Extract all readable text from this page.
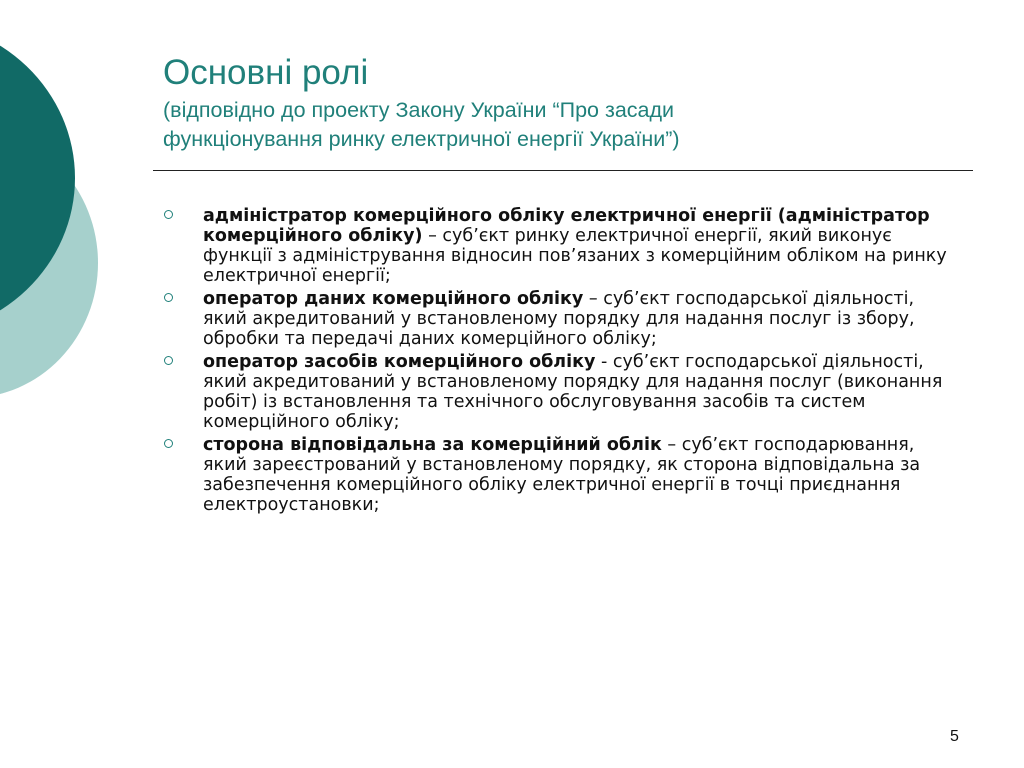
Основні ролі
(відповідно до проекту Закону України “Про засади
функціонування ринку електричної енергії України”)
адміністратор комерційного обліку електричної енергії (адміністратор комерційного обліку) – суб’єкт ринку електричної енергії, який виконує функції з адміністрування відносин пов’язаних з комерційним обліком на ринку електричної енергії;
оператор даних комерційного обліку – суб’єкт господарської діяльності, який акредитований у встановленому порядку для надання послуг із збору, обробки та передачі даних комерційного обліку;
оператор засобів комерційного обліку - суб’єкт господарської діяльності, який акредитований у встановленому порядку для надання послуг (виконання робіт) із встановлення та технічного обслуговування засобів та систем комерційного обліку;
сторона відповідальна за комерційний облік – суб’єкт господарювання, який зареєстрований у встановленому порядку, як сторона відповідальна за забезпечення комерційного обліку електричної енергії в точці приєднання електроустановки;
5
